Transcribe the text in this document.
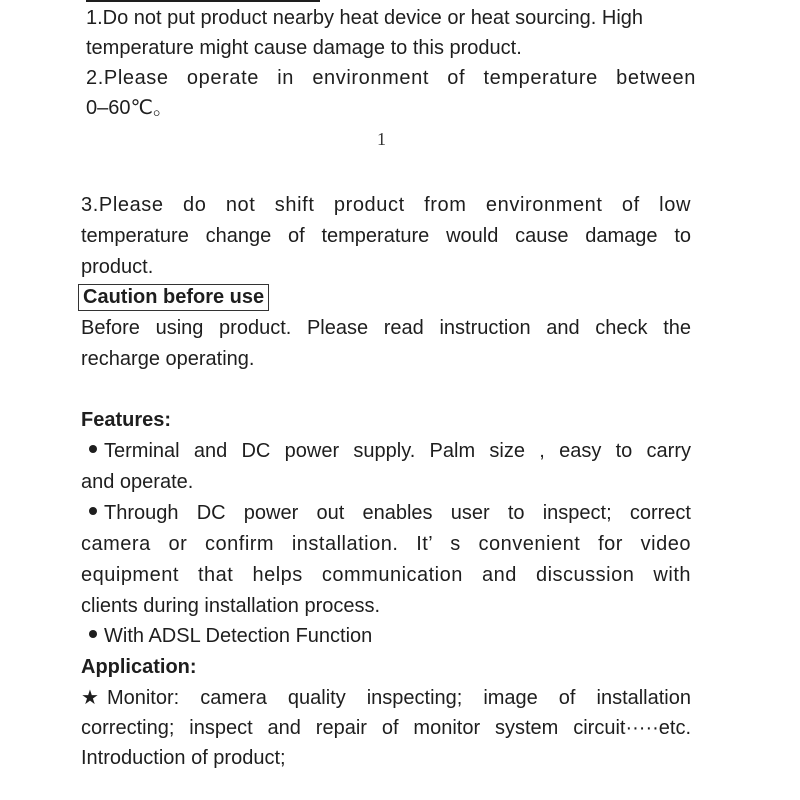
1.Do not put product nearby heat device or heat sourcing. High

temperature might cause damage to this product.

2.Please operate in environment of temperature between

0–60℃。

1

3.Please do not shift product from environment of low

temperature change of temperature would cause damage to

product.

Caution before use

Before using product. Please read instruction and check the

recharge operating.

Features:

Terminal and DC power supply. Palm size , easy to carry

and operate.

Through DC power out enables user to inspect; correct

camera or confirm installation. It’ s convenient for video

equipment that helps communication and discussion with

clients during installation process.

With ADSL Detection Function

Application:

★ Monitor: camera quality inspecting; image of installation

correcting; inspect and repair of monitor system circuit·····etc.

Introduction of product;
